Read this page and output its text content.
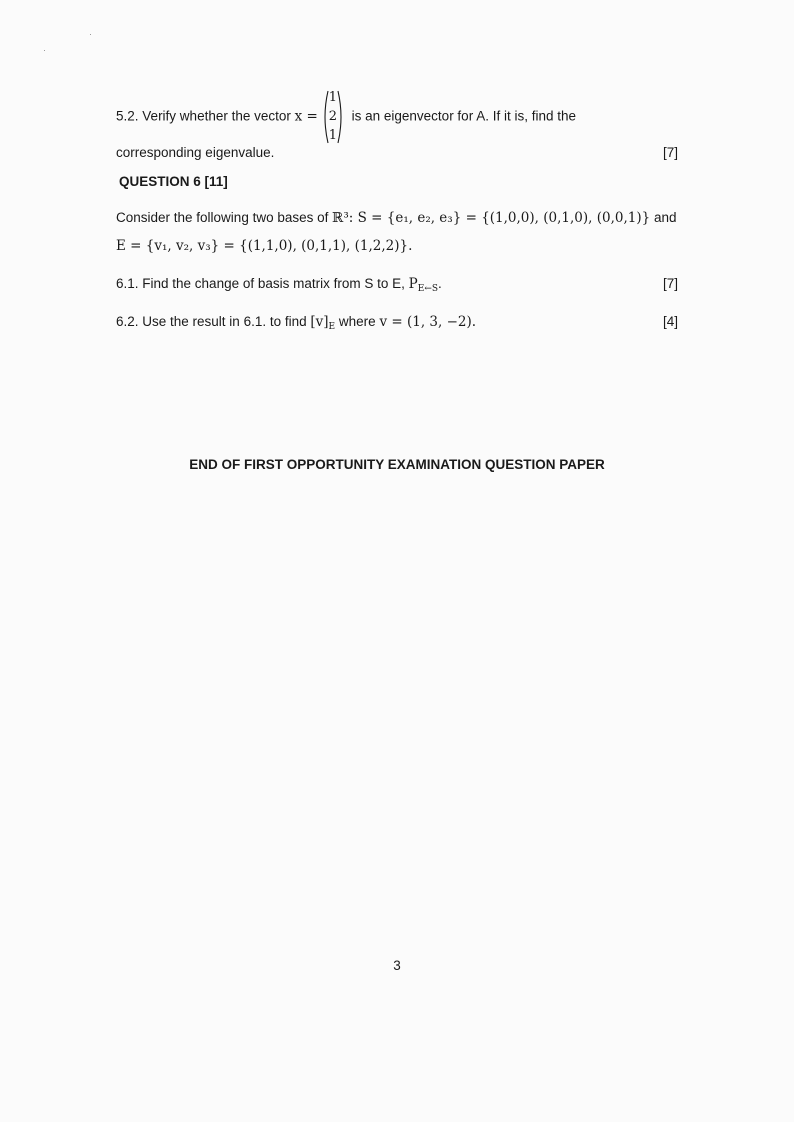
5.2. Verify whether the vector x =
1
2
1
is an eigenvector for A. If it is, find the
corresponding eigenvalue.	[7]
QUESTION 6 [11]
Consider the following two bases of ℝ³: S = {e₁, e₂, e₃} = {(1,0,0), (0,1,0), (0,0,1)} and
E = {v₁, v₂, v₃} = {(1,1,0), (0,1,1), (1,2,2)}.
6.1. Find the change of basis matrix from S to E, $P_{E\leftarrow S}$.	[7]
6.2. Use the result in 6.1. to find $[v]_E$ where v = (1, 3, −2).	[4]
END OF FIRST OPPORTUNITY EXAMINATION QUESTION PAPER
3
